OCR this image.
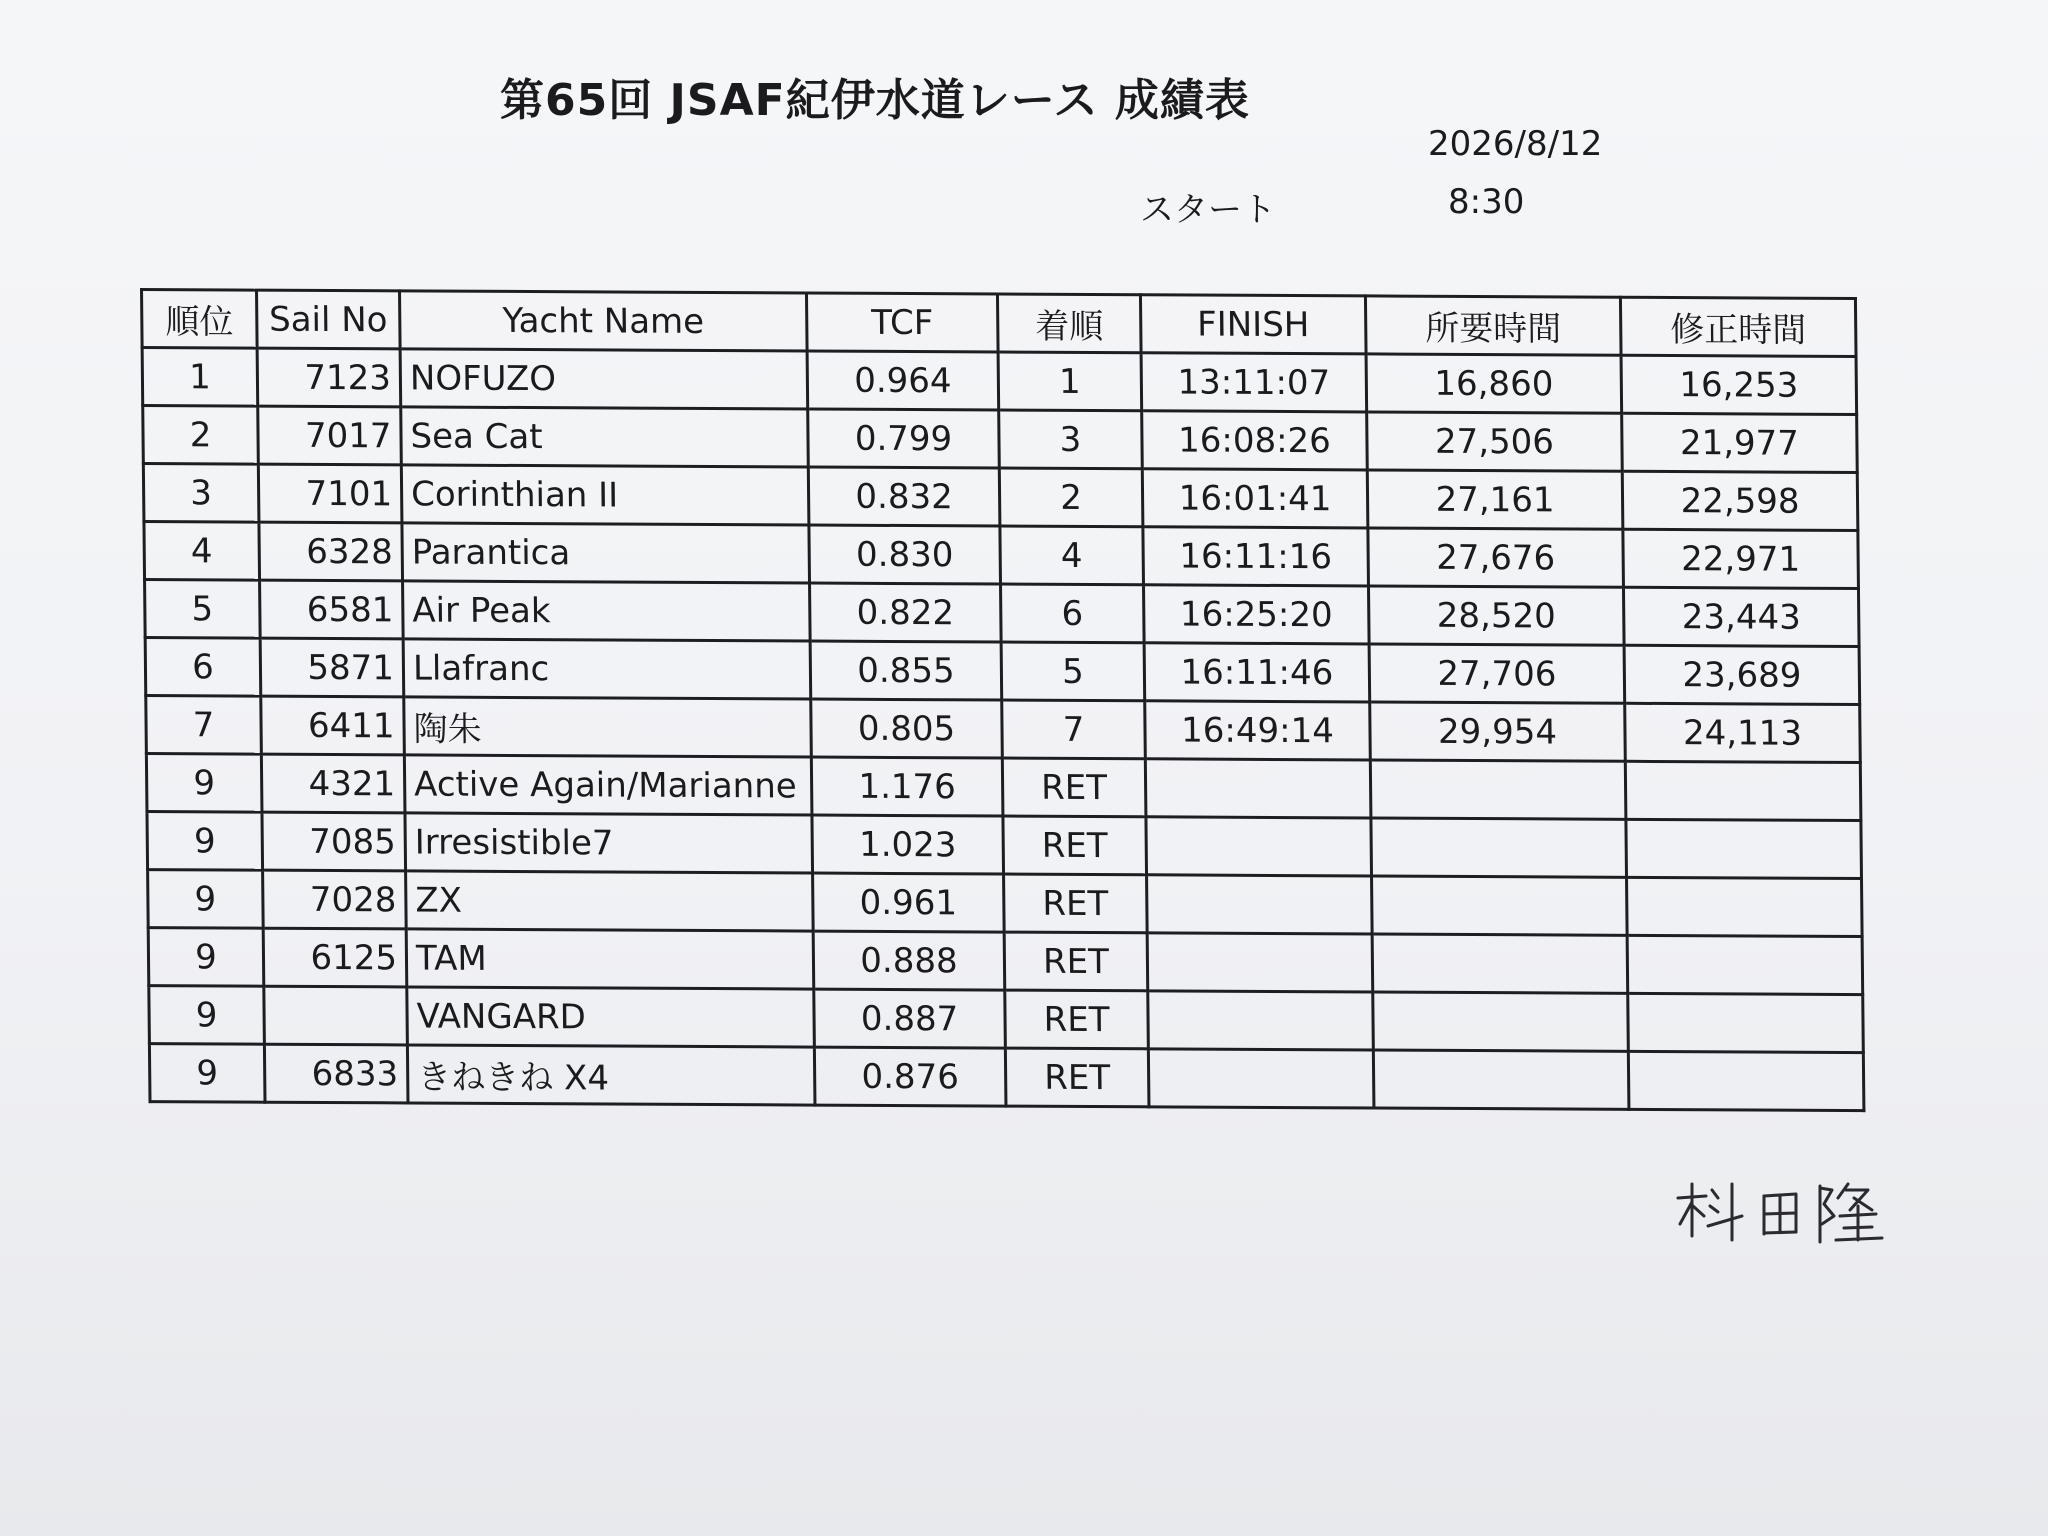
第65回 JSAF紀伊水道レース 成績表
2026/8/12
スタート	8:30
順位	Sail No	Yacht Name	TCF	着順	FINISH	所要時間	修正時間
1	7123	NOFUZO	0.964	1	13:11:07	16,860	16,253
2	7017	Sea Cat	0.799	3	16:08:26	27,506	21,977
3	7101	Corinthian II	0.832	2	16:01:41	27,161	22,598
4	6328	Parantica	0.830	4	16:11:16	27,676	22,971
5	6581	Air Peak	0.822	6	16:25:20	28,520	23,443
6	5871	Llafranc	0.855	5	16:11:46	27,706	23,689
7	6411	陶朱	0.805	7	16:49:14	29,954	24,113
9	4321	Active Again/Marianne	1.176	RET			
9	7085	Irresistible7	1.023	RET			
9	7028	ZX	0.961	RET			
9	6125	TAM	0.888	RET			
9		VANGARD	0.887	RET			
9	6833	きねきね X4	0.876	RET			
